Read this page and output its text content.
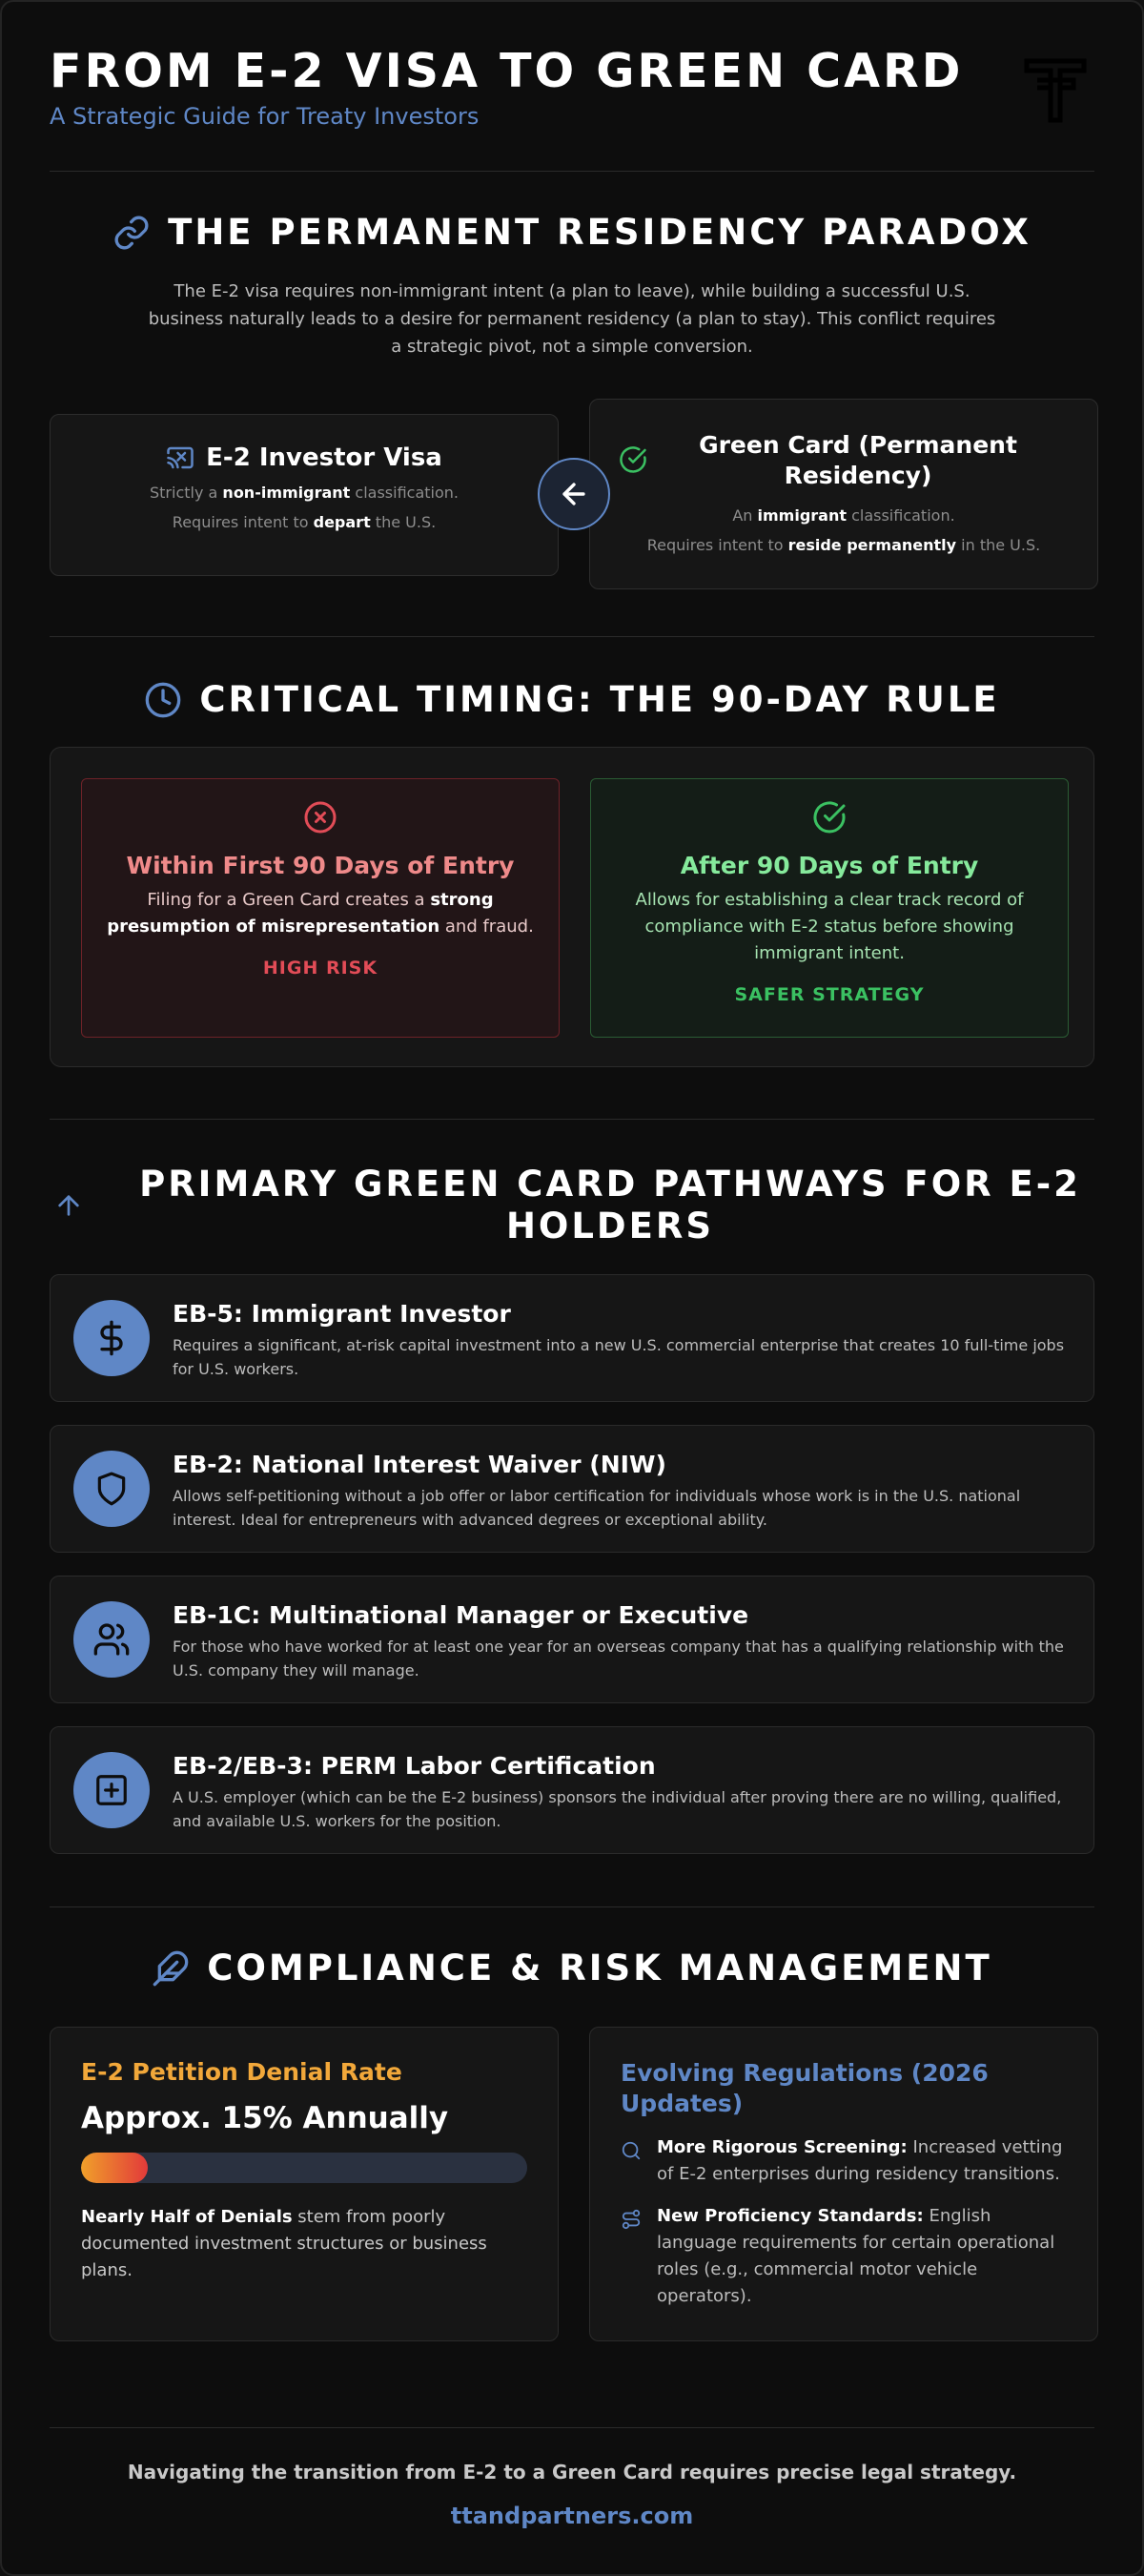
FROM E-2 VISA TO GREEN CARD
A Strategic Guide for Treaty Investors
THE PERMANENT RESIDENCY PARADOX

The E-2 visa requires non-immigrant intent (a plan to leave), while building a successful U.S. business naturally leads to a desire for permanent residency (a plan to stay). This conflict requires a strategic pivot, not a simple conversion.

E-2 Investor Visa
Strictly a non-immigrant classification.
Requires intent to depart the U.S.
Green Card (Permanent Residency)
An immigrant classification.
Requires intent to reside permanently in the U.S.
CRITICAL TIMING: THE 90-DAY RULE
Within First 90 Days of Entry

Filing for a Green Card creates a strong presumption of misrepresentation and fraud.

HIGH RISK
After 90 Days of Entry

Allows for establishing a clear track record of compliance with E-2 status before showing immigrant intent.

SAFER STRATEGY
PRIMARY GREEN CARD PATHWAYS FOR E-2 HOLDERS
EB-5: Immigrant Investor

Requires a significant, at-risk capital investment into a new U.S. commercial enterprise that creates 10 full-time jobs for U.S. workers.

EB-2: National Interest Waiver (NIW)

Allows self-petitioning without a job offer or labor certification for individuals whose work is in the U.S. national interest. Ideal for entrepreneurs with advanced degrees or exceptional ability.

EB-1C: Multinational Manager or Executive

For those who have worked for at least one year for an overseas company that has a qualifying relationship with the U.S. company they will manage.

EB-2/EB-3: PERM Labor Certification

A U.S. employer (which can be the E-2 business) sponsors the individual after proving there are no willing, qualified, and available U.S. workers for the position.

COMPLIANCE & RISK MANAGEMENT
E-2 Petition Denial Rate
Approx. 15% Annually

Nearly Half of Denials stem from poorly documented investment structures or business plans.

Evolving Regulations (2026 Updates)

More Rigorous Screening: Increased vetting of E-2 enterprises during residency transitions.

New Proficiency Standards: English language requirements for certain operational roles (e.g., commercial motor vehicle operators).

Navigating the transition from E-2 to a Green Card requires precise legal strategy.
ttandpartners.com
